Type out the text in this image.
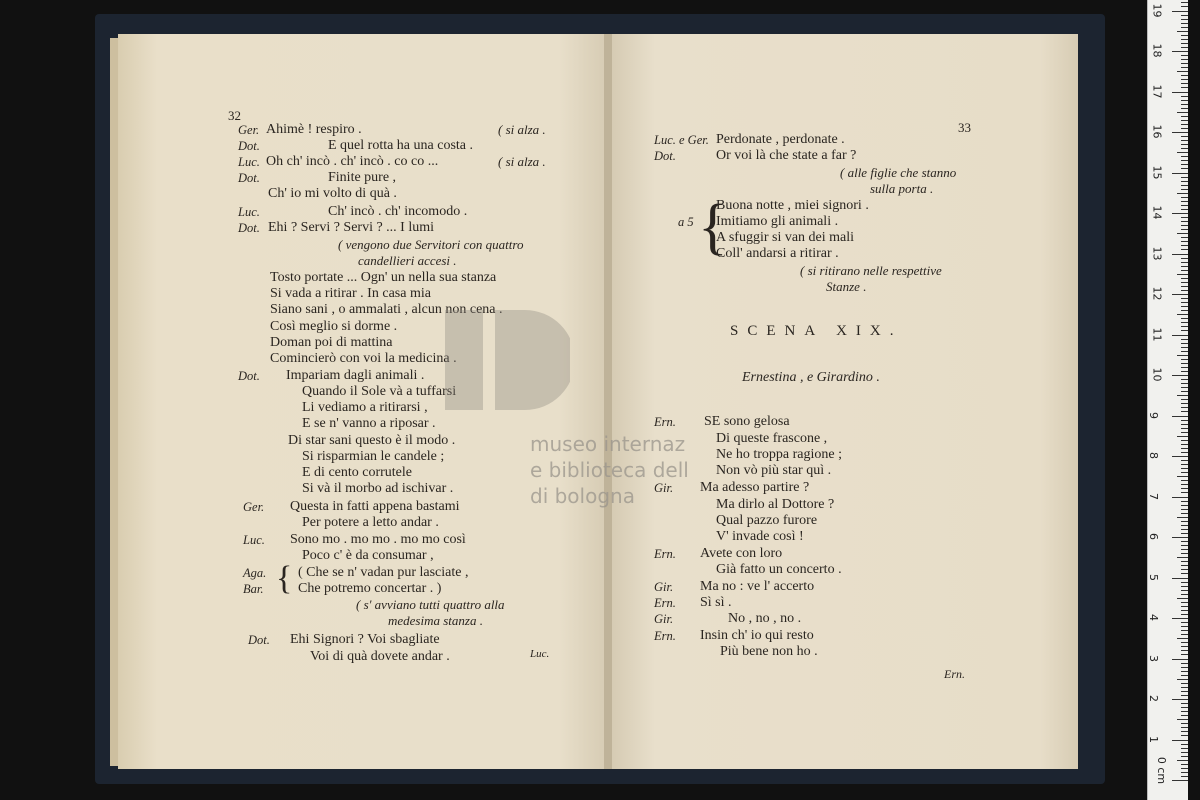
32
Ger. Ahimè ! respiro .	( si alza .
Dot.	E quel rotta ha una costa .
Luc. Oh ch' incò . ch' incò . co co ...	( si alza .
Dot.	Finite pure ,
Ch' io mi volto di quà .
Luc.	Ch' incò . ch' incomodo .
Dot. Ehi ? Servi ? Servi ? ... I lumi
( vengono due Servitori con quattro
candellieri accesi .
Tosto portate ... Ogn' un nella sua stanza
Si vada a ritirar . In casa mia
Siano sani , o ammalati , alcun non cena .
Così meglio si dorme .
Doman poi di mattina
Comincierò con voi la medicina .
Dot. Impariam dagli animali .
Quando il Sole và a tuffarsi
Li vediamo a ritirarsi ,
E se n' vanno a riposar .
Di star sani questo è il modo .
Si risparmian le candele ;
E di cento corrutele
Si và il morbo ad ischivar .
Ger. Questa in fatti appena bastami
Per potere a letto andar .
Luc. Sono mo . mo mo . mo mo così
Poco c' è da consumar ,
Aga. ( Che se n' vadan pur lasciate ,
Bar. Che potremo concertar . )
( s' avviano tutti quattro alla
medesima stanza .
Dot. Ehi Signori ? Voi sbagliate
Voi di quà dovete andar .
{
Luc.
33
Luc. e Ger. Perdonate , perdonate .
Dot.	Or voi là che state a far ?
( alle figlie che stanno
sulla porta .
Buona notte , miei signori .
a 5 Imitiamo gli animali .
A sfuggir si van dei mali
Coll' andarsi a ritirar .
( si ritirano nelle respettive
Stanze .
{
SCENA XIX.
Ernestina , e Girardino .
Ern. SE sono gelosa
Di queste frascone ,
Ne ho troppa ragione ;
Non vò più star quì .
Gir. Ma adesso partire ?
Ma dirlo al Dottore ?
Qual pazzo furore
V' invade così !
Ern. Avete con loro
Già fatto un concerto .
Gir. Ma no : ve l' accerto
Ern. Sì sì .
Gir.	No , no , no .
Ern. Insin ch' io qui resto
Più bene non ho .
Ern.
museo internaz
e biblioteca dell
di bologna
0 cm
1
2
3
4
5
6
7
8
9
10
11
12
13
14
15
16
17
18
19
